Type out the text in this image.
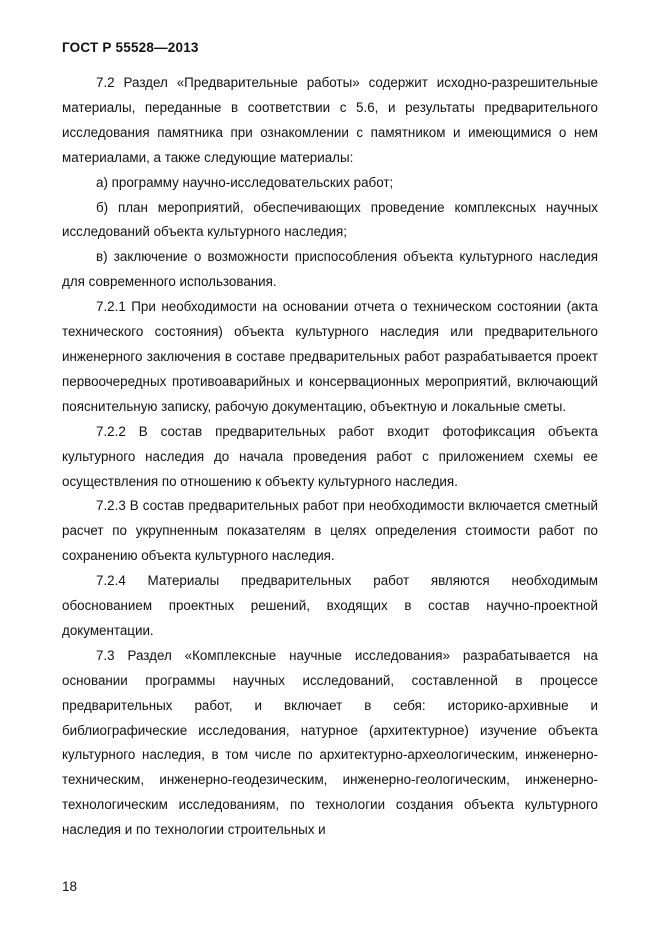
ГОСТ Р 55528—2013

7.2 Раздел «Предварительные работы» содержит исходно-разрешительные материалы, переданные в соответствии с 5.6, и результаты предварительного исследования памятника при ознакомлении с памятником и имеющимися о нем материалами, а также следующие материалы:

а) программу научно-исследовательских работ;

б) план мероприятий, обеспечивающих проведение комплексных научных исследований объекта культурного наследия;

в) заключение о возможности приспособления объекта культурного наследия для современного использования.

7.2.1 При необходимости на основании отчета о техническом состоянии (акта технического состояния) объекта культурного наследия или предварительного инженерного заключения в составе предварительных работ разрабатывается проект первоочередных противоаварийных и консервационных мероприятий, включающий пояснительную записку, рабочую документацию, объектную и локальные сметы.

7.2.2 В состав предварительных работ входит фотофиксация объекта культурного наследия до начала проведения работ с приложением схемы ее осуществления по отношению к объекту культурного наследия.

7.2.3 В состав предварительных работ при необходимости включается сметный расчет по укрупненным показателям в целях определения стоимости работ по сохранению объекта культурного наследия.

7.2.4 Материалы предварительных работ являются необходимым обоснованием проектных решений, входящих в состав научно-проектной документации.

7.3 Раздел «Комплексные научные исследования» разрабатывается на основании программы научных исследований, составленной в процессе предварительных работ, и включает в себя: историко-архивные и библиографические исследования, натурное (архитектурное) изучение объекта культурного наследия, в том числе по архитектурно-археологическим, инженерно-техническим, инженерно-геодезическим, инженерно-геологическим, инженерно-технологическим исследованиям, по технологии создания объекта культурного наследия и по технологии строительных и

18
